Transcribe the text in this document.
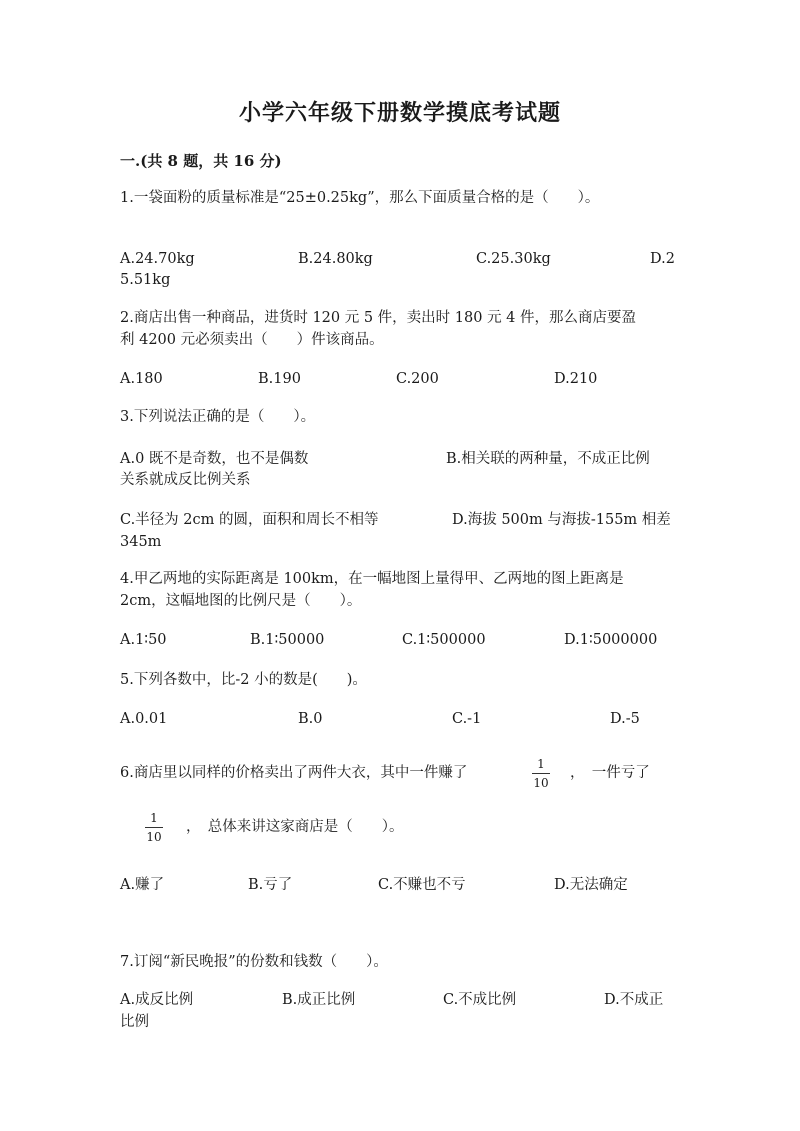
小学六年级下册数学摸底考试题
一.(共 8 题，共 16 分)
1.一袋面粉的质量标准是“25±0.25kg”，那么下面质量合格的是（　　）。
A.24.70kg	B.24.80kg	C.25.30kg	D.2
5.51kg
2.商店出售一种商品，进货时 120 元 5 件，卖出时 180 元 4 件，那么商店要盈
利 4200 元必须卖出（　　）件该商品。
A.180	B.190	C.200	D.210
3.下列说法正确的是（　　）。
A.0 既不是奇数，也不是偶数	B.相关联的两种量，不成正比例
关系就成反比例关系
C.半径为 2cm 的圆，面积和周长不相等	D.海拔 500m 与海拔-155m 相差
345m
4.甲乙两地的实际距离是 100km，在一幅地图上量得甲、乙两地的图上距离是
2cm，这幅地图的比例尺是（　　）。
A.1∶50	B.1∶50000	C.1∶500000	D.1∶5000000
5.下列各数中，比-2 小的数是(　　)。
A.0.01	B.0	C.-1	D.-5
6.商店里以同样的价格卖出了两件大衣，其中一件赚了
1
10
，　一件亏了
1
10
，　总体来讲这家商店是（　　）。
A.赚了	B.亏了	C.不赚也不亏	D.无法确定
7.订阅“新民晚报”的份数和钱数（　　）。
A.成反比例	B.成正比例	C.不成比例	D.不成正
比例
